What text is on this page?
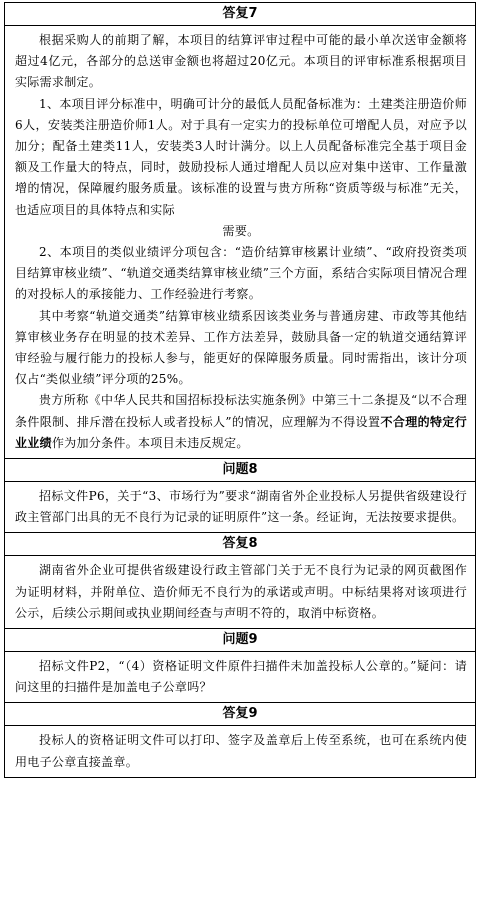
答复7

根据采购人的前期了解，本项目的结算评审过程中可能的最小单次送审金额将超过4亿元，各部分的总送审金额也将超过20亿元。本项目的评审标准系根据项目实际需求制定。

1、本项目评分标准中，明确可计分的最低人员配备标准为：土建类注册造价师6人，安装类注册造价师1人。对于具有一定实力的投标单位可增配人员，对应予以加分；配备土建类11人，安装类3人时计满分。以上人员配备标准完全基于项目金额及工作量大的特点，同时，鼓励投标人通过增配人员以应对集中送审、工作量激增的情况，保障履约服务质量。该标准的设置与贵方所称“资质等级与标准”无关，也适应项目的具体特点和实际

需要。

2、本项目的类似业绩评分项包含：“造价结算审核累计业绩”、“政府投资类项目结算审核业绩”、“轨道交通类结算审核业绩”三个方面，系结合实际项目情况合理的对投标人的承接能力、工作经验进行考察。

其中考察“轨道交通类”结算审核业绩系因该类业务与普通房建、市政等其他结算审核业务存在明显的技术差异、工作方法差异，鼓励具备一定的轨道交通结算评审经验与履行能力的投标人参与，能更好的保障服务质量。同时需指出，该计分项仅占“类似业绩”评分项的25%。

贵方所称《中华人民共和国招标投标法实施条例》中第三十二条提及“以不合理条件限制、排斥潜在投标人或者投标人”的情况，应理解为不得设置不合理的特定行业业绩作为加分条件。本项目未违反规定。

问题8

招标文件P6，关于“3、市场行为”要求“湖南省外企业投标人另提供省级建设行政主管部门出具的无不良行为记录的证明原件”这一条。经证询，无法按要求提供。

答复8

湖南省外企业可提供省级建设行政主管部门关于无不良行为记录的网页截图作为证明材料，并附单位、造价师无不良行为的承诺或声明。中标结果将对该项进行公示，后续公示期间或执业期间经查与声明不符的，取消中标资格。

问题9

招标文件P2，“（4）资格证明文件原件扫描件未加盖投标人公章的。”疑问：请问这里的扫描件是加盖电子公章吗？

答复9

投标人的资格证明文件可以打印、签字及盖章后上传至系统，也可在系统内使用电子公章直接盖章。
